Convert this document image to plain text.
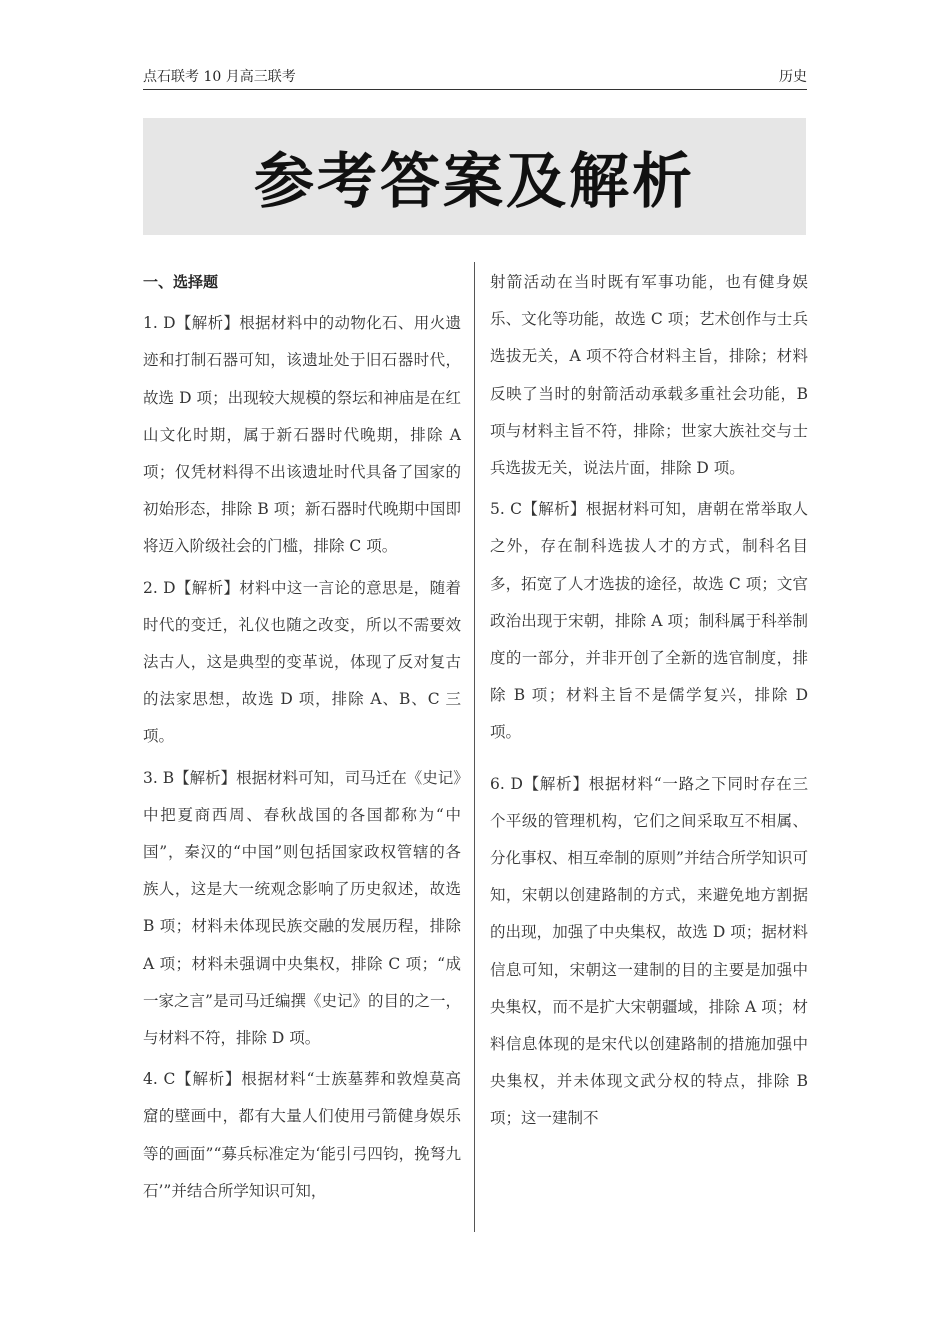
点石联考 10 月高三联考	历史
参考答案及解析

一、选择题

1. D【解析】根据材料中的动物化石、用火遗迹和打制石器可知，该遗址处于旧石器时代，故选 D 项；出现较大规模的祭坛和神庙是在红山文化时期，属于新石器时代晚期，排除 A 项；仅凭材料得不出该遗址时代具备了国家的初始形态，排除 B 项；新石器时代晚期中国即将迈入阶级社会的门槛，排除 C 项。

2. D【解析】材料中这一言论的意思是，随着时代的变迁，礼仪也随之改变，所以不需要效法古人，这是典型的变革说，体现了反对复古的法家思想，故选 D 项，排除 A、B、C 三项。

3. B【解析】根据材料可知，司马迁在《史记》中把夏商西周、春秋战国的各国都称为“中国”，秦汉的“中国”则包括国家政权管辖的各族人，这是大一统观念影响了历史叙述，故选 B 项；材料未体现民族交融的发展历程，排除 A 项；材料未强调中央集权，排除 C 项；“成一家之言”是司马迁编撰《史记》的目的之一，与材料不符，排除 D 项。

4. C【解析】根据材料“士族墓葬和敦煌莫高窟的壁画中，都有大量人们使用弓箭健身娱乐等的画面”“募兵标准定为‘能引弓四钧，挽弩九石’”并结合所学知识可知，

射箭活动在当时既有军事功能，也有健身娱乐、文化等功能，故选 C 项；艺术创作与士兵选拔无关，A 项不符合材料主旨，排除；材料反映了当时的射箭活动承载多重社会功能，B 项与材料主旨不符，排除；世家大族社交与士兵选拔无关，说法片面，排除 D 项。

5. C【解析】根据材料可知，唐朝在常举取人之外，存在制科选拔人才的方式，制科名目多，拓宽了人才选拔的途径，故选 C 项；文官政治出现于宋朝，排除 A 项；制科属于科举制度的一部分，并非开创了全新的选官制度，排除 B 项；材料主旨不是儒学复兴，排除 D 项。

6. D【解析】根据材料“一路之下同时存在三个平级的管理机构，它们之间采取互不相属、分化事权、相互牵制的原则”并结合所学知识可知，宋朝以创建路制的方式，来避免地方割据的出现，加强了中央集权，故选 D 项；据材料信息可知，宋朝这一建制的目的主要是加强中央集权，而不是扩大宋朝疆域，排除 A 项；材料信息体现的是宋代以创建路制的措施加强中央集权，并未体现文武分权的特点，排除 B 项；这一建制不
